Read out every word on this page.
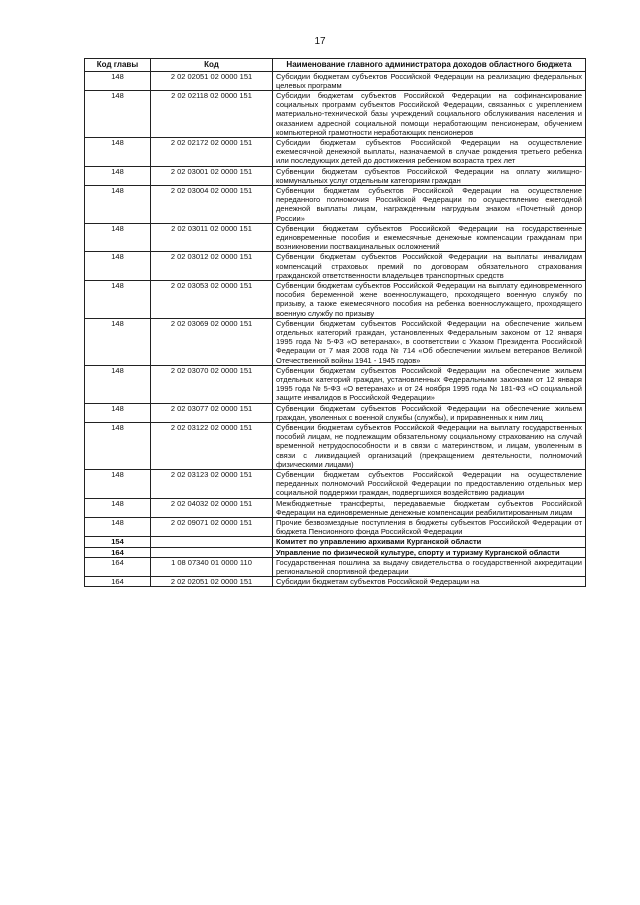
17
Код главы	Код	Наименование главного администратора доходов областного бюджета
148	2 02 02051 02 0000 151	Субсидии бюджетам субъектов Российской Федерации на реализацию федеральных целевых программ
148	2 02 02118 02 0000 151	Субсидии бюджетам субъектов Российской Федерации на софинансирование социальных программ субъектов Российской Федерации, связанных с укреплением материально-технической базы учреждений социального обслуживания населения и оказанием адресной социальной помощи неработающим пенсионерам, обучением компьютерной грамотности неработающих пенсионеров
148	2 02 02172 02 0000 151	Субсидии бюджетам субъектов Российской Федерации на осуществление ежемесячной денежной выплаты, назначаемой в случае рождения третьего ребенка или последующих детей до достижения ребенком возраста трех лет
148	2 02 03001 02 0000 151	Субвенции бюджетам субъектов Российской Федерации на оплату жилищно-коммунальных услуг отдельным категориям граждан
148	2 02 03004 02 0000 151	Субвенции бюджетам субъектов Российской Федерации на осуществление переданного полномочия Российской Федерации по осуществлению ежегодной денежной выплаты лицам, награжденным нагрудным знаком «Почетный донор России»
148	2 02 03011 02 0000 151	Субвенции бюджетам субъектов Российской Федерации на государственные единовременные пособия и ежемесячные денежные компенсации гражданам при возникновении поствакцинальных осложнений
148	2 02 03012 02 0000 151	Субвенции бюджетам субъектов Российской Федерации на выплаты инвалидам компенсаций страховых премий по договорам обязательного страхования гражданской ответственности владельцев транспортных средств
148	2 02 03053 02 0000 151	Субвенции бюджетам субъектов Российской Федерации на выплату единовременного пособия беременной жене военнослужащего, проходящего военную службу по призыву, а также ежемесячного пособия на ребенка военнослужащего, проходящего военную службу по призыву
148	2 02 03069 02 0000 151	Субвенции бюджетам субъектов Российской Федерации на обеспечение жильем отдельных категорий граждан, установленных Федеральным законом от 12 января 1995 года № 5-ФЗ «О ветеранах», в соответствии с Указом Президента Российской Федерации от 7 мая 2008 года № 714 «Об обеспечении жильем ветеранов Великой Отечественной войны 1941 - 1945 годов»
148	2 02 03070 02 0000 151	Субвенции бюджетам субъектов Российской Федерации на обеспечение жильем отдельных категорий граждан, установленных Федеральными законами от 12 января 1995 года № 5-ФЗ «О ветеранах» и от 24 ноября 1995 года № 181-ФЗ «О социальной защите инвалидов в Российской Федерации»
148	2 02 03077 02 0000 151	Субвенции бюджетам субъектов Российской Федерации на обеспечение жильем граждан, уволенных с военной службы (службы), и приравненных к ним лиц
148	2 02 03122 02 0000 151	Субвенции бюджетам субъектов Российской Федерации на выплату государственных пособий лицам, не подлежащим обязательному социальному страхованию на случай временной нетрудоспособности и в связи с материнством, и лицам, уволенным в связи с ликвидацией организаций (прекращением деятельности, полномочий физическими лицами)
148	2 02 03123 02 0000 151	Субвенции бюджетам субъектов Российской Федерации на осуществление переданных полномочий Российской Федерации по предоставлению отдельных мер социальной поддержки граждан, подвергшихся воздействию радиации
148	2 02 04032 02 0000 151	Межбюджетные трансферты, передаваемые бюджетам субъектов Российской Федерации на единовременные денежные компенсации реабилитированным лицам
148	2 02 09071 02 0000 151	Прочие безвозмездные поступления в бюджеты субъектов Российской Федерации от бюджета Пенсионного фонда Российской Федерации
154		Комитет по управлению архивами Курганской области
164		Управление по физической культуре, спорту и туризму Курганской области
164	1 08 07340 01 0000 110	Государственная пошлина за выдачу свидетельства о государственной аккредитации региональной спортивной федерации
164	2 02 02051 02 0000 151	Субсидии бюджетам субъектов Российской Федерации на
